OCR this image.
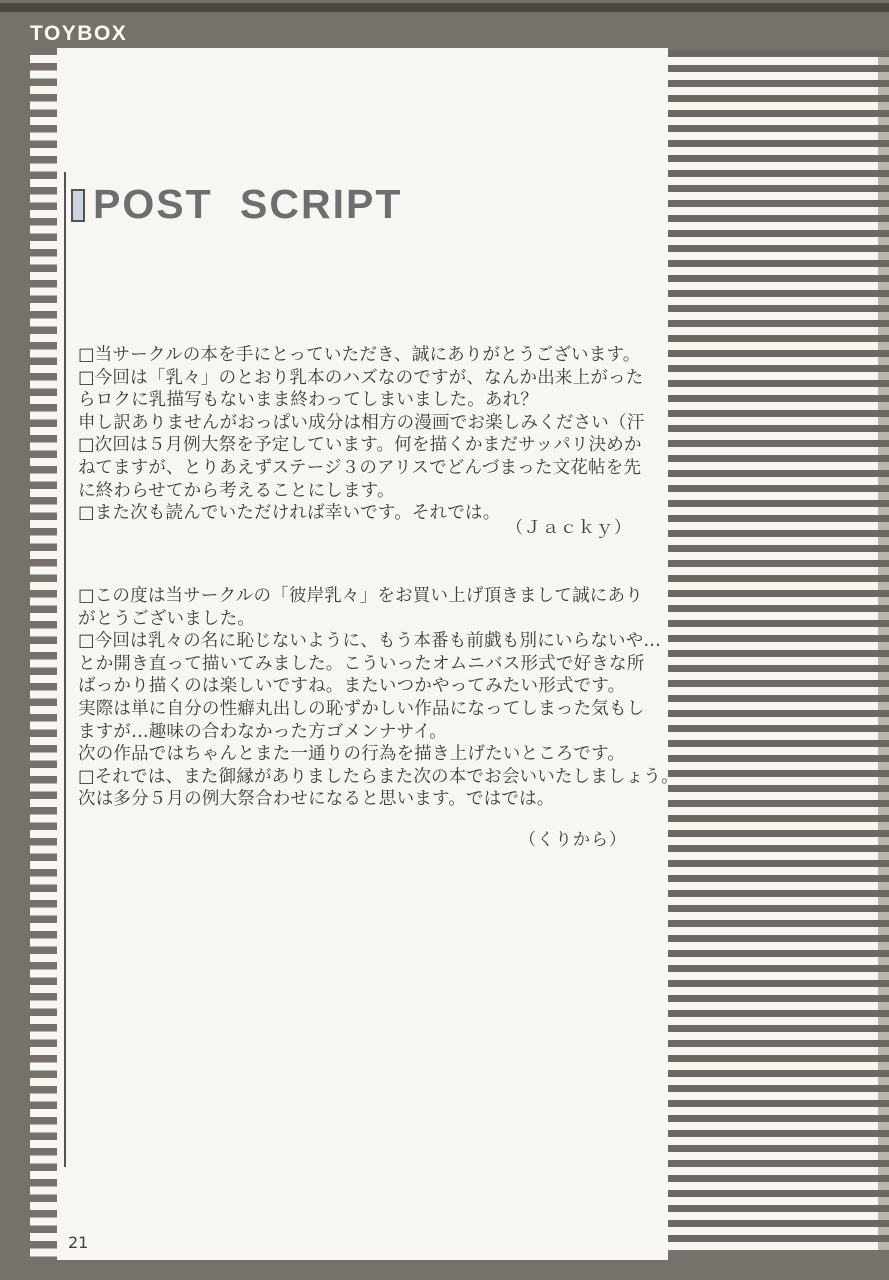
TOYBOX
POST SCRIPT
□当サークルの本を手にとっていただき、誠にありがとうございます。
□今回は「乳々」のとおり乳本のハズなのですが、なんか出来上がった
らロクに乳描写もないまま終わってしまいました。あれ？
申し訳ありませんがおっぱい成分は相方の漫画でお楽しみください（汗
□次回は５月例大祭を予定しています。何を描くかまだサッパリ決めか
ねてますが、とりあえずステージ３のアリスでどんづまった文花帖を先
に終わらせてから考えることにします。
□また次も読んでいただければ幸いです。それでは。
（Ｊａｃｋｙ）
□この度は当サークルの「彼岸乳々」をお買い上げ頂きまして誠にあり
がとうございました。
□今回は乳々の名に恥じないように、もう本番も前戯も別にいらないや…
とか開き直って描いてみました。こういったオムニバス形式で好きな所
ばっかり描くのは楽しいですね。またいつかやってみたい形式です。
実際は単に自分の性癖丸出しの恥ずかしい作品になってしまった気もし
ますが…趣味の合わなかった方ゴメンナサイ。
次の作品ではちゃんとまた一通りの行為を描き上げたいところです。
□それでは、また御縁がありましたらまた次の本でお会いいたしましょう。
次は多分５月の例大祭合わせになると思います。ではでは。
（くりから）
21
